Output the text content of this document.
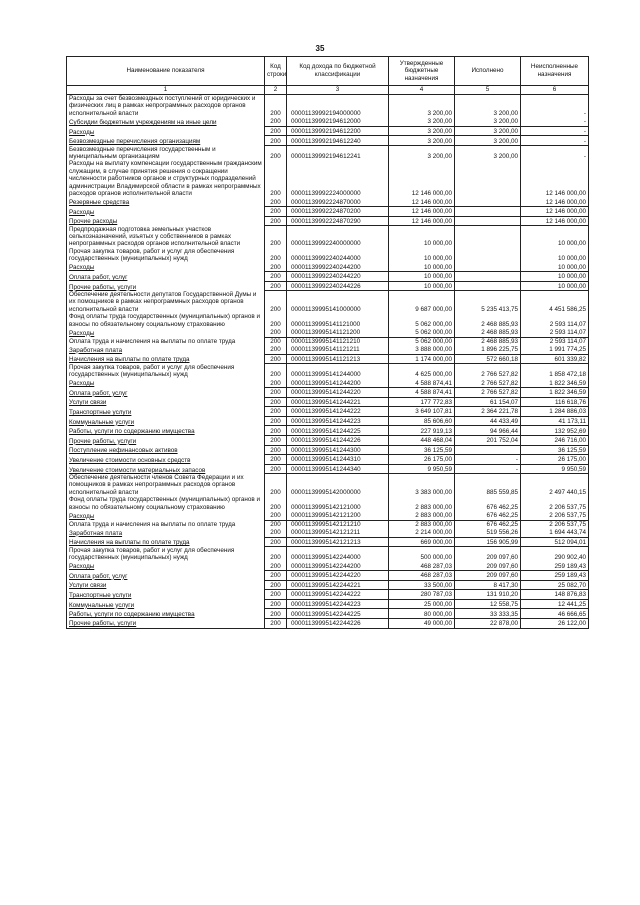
35
Наименование показателя	Код строки	Код дохода по бюджетной классификации	Утвержденные бюджетные назначения	Исполнено	Неисполненные назначения
1	2	3	4	5	6
Расходы за счет безвозмездных поступлений от юридических и физических лиц в рамках непрограммных расходов органов исполнительной власти	200	00001139992194000000	3 200,00	3 200,00	-
Субсидии бюджетным учреждениям на иные цели	200	00001139992194612000	3 200,00	3 200,00	-
Расходы	200	00001139992194612200	3 200,00	3 200,00	-
Безвозмездные перечисления организациям	200	00001139992194612240	3 200,00	3 200,00	-
Безвозмездные перечисления государственным и муниципальным организациям	200	00001139992194612241	3 200,00	3 200,00	-
Расходы на выплату компенсации государственным гражданским служащим, в случае принятия решения о сокращении численности работников органов и структурных подразделений администрации Владимирской области в рамках непрограммных расходов органов исполнительной власти	200	00001139992224000000	12 146 000,00		12 146 000,00
Резервные средства	200	00001139992224870000	12 146 000,00		12 146 000,00
Расходы	200	00001139992224870200	12 146 000,00		12 146 000,00
Прочие расходы	200	00001139992224870290	12 146 000,00		12 146 000,00
Предпродажная подготовка земельных участков сельхозназначений, изъятых у собственников в рамках непрограммных расходов органов исполнительной власти	200	00001139992240000000	10 000,00		10 000,00
Прочая закупка товаров, работ и услуг для обеспечения государственных (муниципальных) нужд	200	00001139992240244000	10 000,00		10 000,00
Расходы	200	00001139992240244200	10 000,00		10 000,00
Оплата работ, услуг	200	00001139992240244220	10 000,00		10 000,00
Прочие работы, услуги	200	00001139992240244226	10 000,00		10 000,00
Обеспечение деятельности депутатов Государственной Думы и их помощников в рамках непрограммных расходов органов исполнительной власти	200	00001139995141000000	9 687 000,00	5 235 413,75	4 451 586,25
Фонд оплаты труда государственных (муниципальных) органов и взносы по обязательному социальному страхованию	200	00001139995141121000	5 062 000,00	2 468 885,93	2 593 114,07
Расходы	200	00001139995141121200	5 062 000,00	2 468 885,93	2 593 114,07
Оплата труда и начисления на выплаты по оплате труда	200	00001139995141121210	5 062 000,00	2 468 885,93	2 593 114,07
Заработная плата	200	00001139995141121211	3 888 000,00	1 896 225,75	1 991 774,25
Начисления на выплаты по оплате труда	200	00001139995141121213	1 174 000,00	572 660,18	601 339,82
Прочая закупка товаров, работ и услуг для обеспечения государственных (муниципальных) нужд	200	00001139995141244000	4 625 000,00	2 766 527,82	1 858 472,18
Расходы	200	00001139995141244200	4 588 874,41	2 766 527,82	1 822 346,59
Оплата работ, услуг	200	00001139995141244220	4 588 874,41	2 766 527,82	1 822 346,59
Услуги связи	200	00001139995141244221	177 772,83	61 154,07	116 618,76
Транспортные услуги	200	00001139995141244222	3 649 107,81	2 364 221,78	1 284 886,03
Коммунальные услуги	200	00001139995141244223	85 606,60	44 433,49	41 173,11
Работы, услуги по содержанию имущества	200	00001139995141244225	227 919,13	94 966,44	132 952,69
Прочие работы, услуги	200	00001139995141244226	448 468,04	201 752,04	246 716,00
Поступление нефинансовых активов	200	00001139995141244300	36 125,59		36 125,59
Увеличение стоимости основных средств	200	00001139995141244310	26 175,00	-	26 175,00
Увеличение стоимости материальных запасов	200	00001139995141244340	9 950,59	-	9 950,59
Обеспечение деятельности членов Совета Федерации и их помощников в рамках непрограммных расходов органов исполнительной власти	200	00001139995142000000	3 383 000,00	885 559,85	2 497 440,15
Фонд оплаты труда государственных (муниципальных) органов и взносы по обязательному социальному страхованию	200	00001139995142121000	2 883 000,00	676 462,25	2 206 537,75
Расходы	200	00001139995142121200	2 883 000,00	676 462,25	2 206 537,75
Оплата труда и начисления на выплаты по оплате труда	200	00001139995142121210	2 883 000,00	676 462,25	2 206 537,75
Заработная плата	200	00001139995142121211	2 214 000,00	519 556,26	1 694 443,74
Начисления на выплаты по оплате труда	200	00001139995142121213	669 000,00	156 905,99	512 094,01
Прочая закупка товаров, работ и услуг для обеспечения государственных (муниципальных) нужд	200	00001139995142244000	500 000,00	209 097,60	290 902,40
Расходы	200	00001139995142244200	468 287,03	209 097,60	259 189,43
Оплата работ, услуг	200	00001139995142244220	468 287,03	209 097,60	259 189,43
Услуги связи	200	00001139995142244221	33 500,00	8 417,30	25 082,70
Транспортные услуги	200	00001139995142244222	280 787,03	131 910,20	148 876,83
Коммунальные услуги	200	00001139995142244223	25 000,00	12 558,75	12 441,25
Работы, услуги по содержанию имущества	200	00001139995142244225	80 000,00	33 333,35	46 666,65
Прочие работы, услуги	200	00001139995142244226	49 000,00	22 878,00	26 122,00
